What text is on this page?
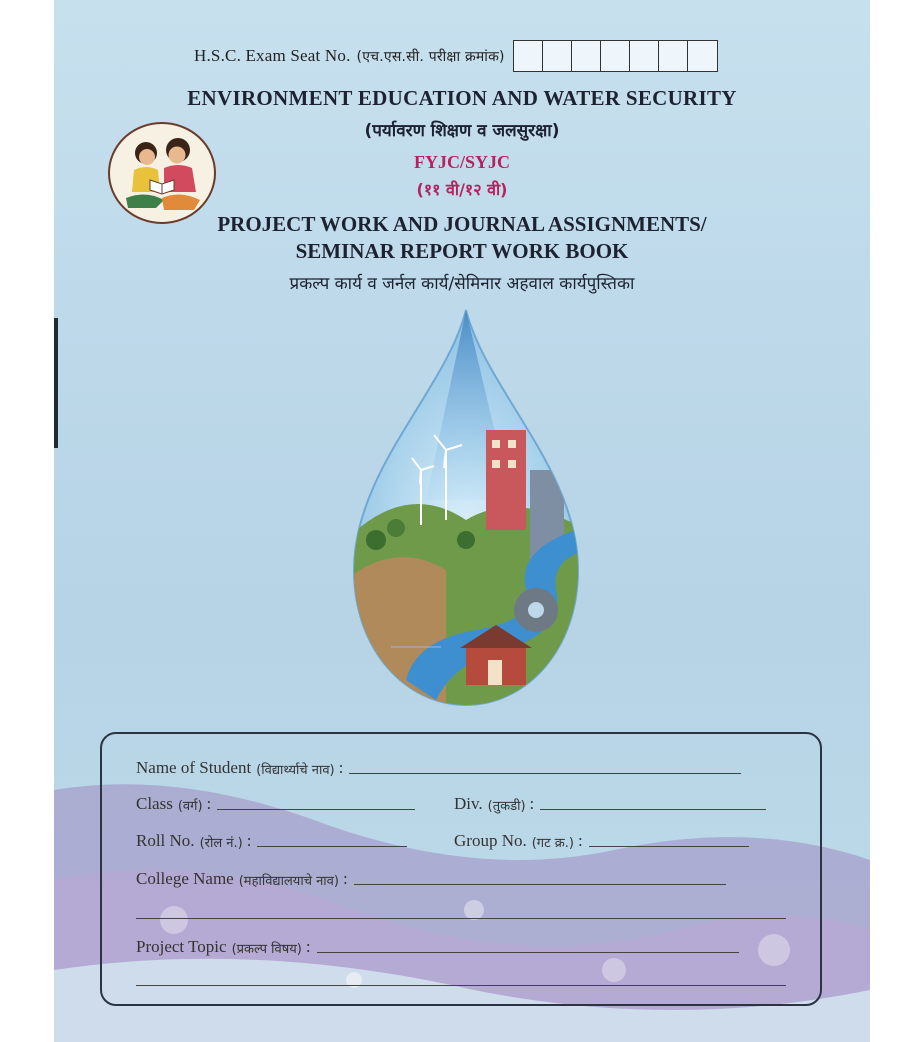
H.S.C. Exam Seat No. (एच.एस.सी. परीक्षा क्रमांक)
ENVIRONMENT EDUCATION AND WATER SECURITY
(पर्यावरण शिक्षण व जलसुरक्षा)
FYJC/SYJC
(११ वी/१२ वी)
PROJECT WORK AND JOURNAL ASSIGNMENTS/
SEMINAR REPORT WORK BOOK
प्रकल्प कार्य व जर्नल कार्य/सेमिनार अहवाल कार्यपुस्तिका
Name of Student (विद्यार्थ्याचे नाव) :
Class (वर्ग) :	Div. (तुकडी) :
Roll No. (रोल नं.) :	Group No. (गट क्र.) :
College Name (महाविद्यालयाचे नाव) :
Project Topic (प्रकल्प विषय) :
